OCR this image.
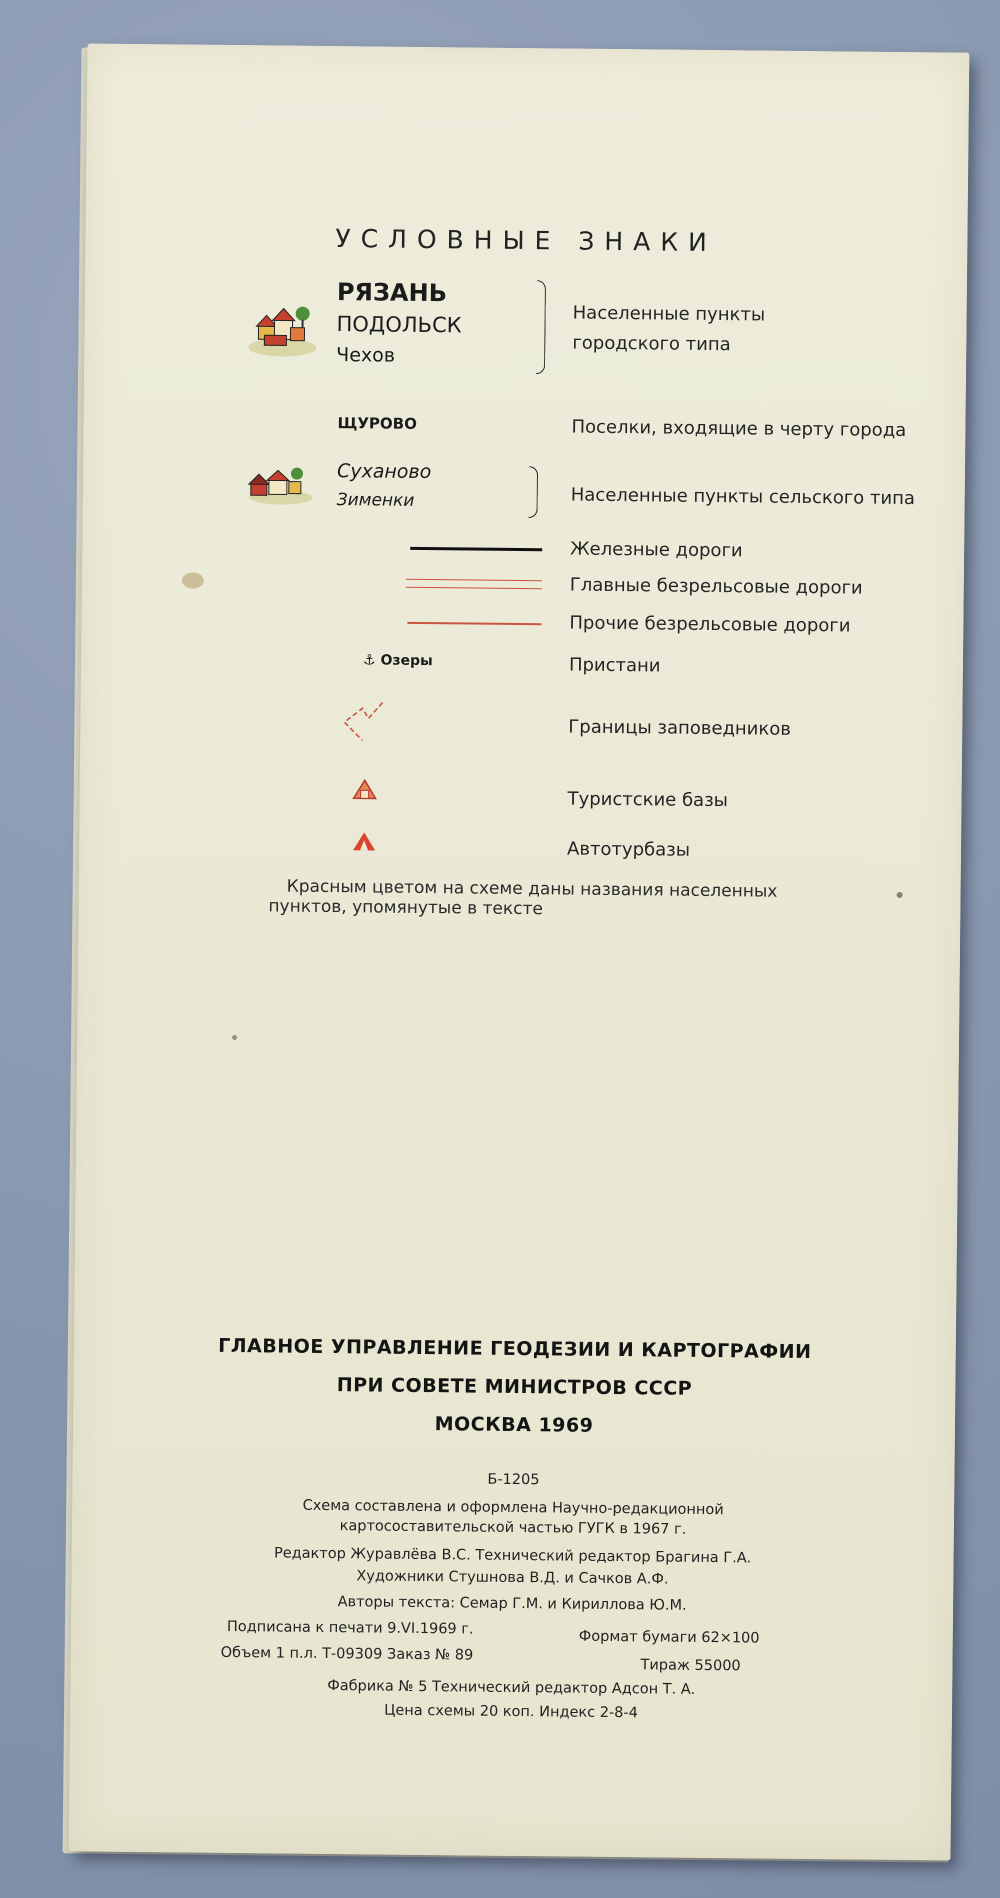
УСЛОВНЫЕ ЗНАКИ
РЯЗАНЬ
ПОДОЛЬСК
Чехов
Населенные пункты
городского типа
ЩУРОВО	Поселки, входящие в черту города
Суханово
Зименки	Населенные пункты сельского типа
Железные дороги
Главные безрельсовые дороги
Прочие безрельсовые дороги
⚓ Озеры	Пристани
Границы заповедников
Туристские базы
Автотурбазы
Красным цветом на схеме даны названия населенных
пунктов, упомянутые в тексте
ГЛАВНОЕ УПРАВЛЕНИЕ ГЕОДЕЗИИ И КАРТОГРАФИИ
ПРИ СОВЕТЕ МИНИСТРОВ СССР
МОСКВА 1969
Б-1205
Схема составлена и оформлена Научно-редакционной
картосоставительской частью ГУГК в 1967 г.
Редактор Журавлёва В.С. Технический редактор Брагина Г.А.
Художники Стушнова В.Д. и Сачков А.Ф.
Авторы текста: Семар Г.М. и Кириллова Ю.М.
Подписана к печати 9.VI.1969 г.
Формат бумаги 62×100
Объем 1 п.л. Т-09309 Заказ № 89
Тираж 55000
Фабрика № 5 Технический редактор Адсон Т. А.
Цена схемы 20 коп. Индекс 2-8-4
